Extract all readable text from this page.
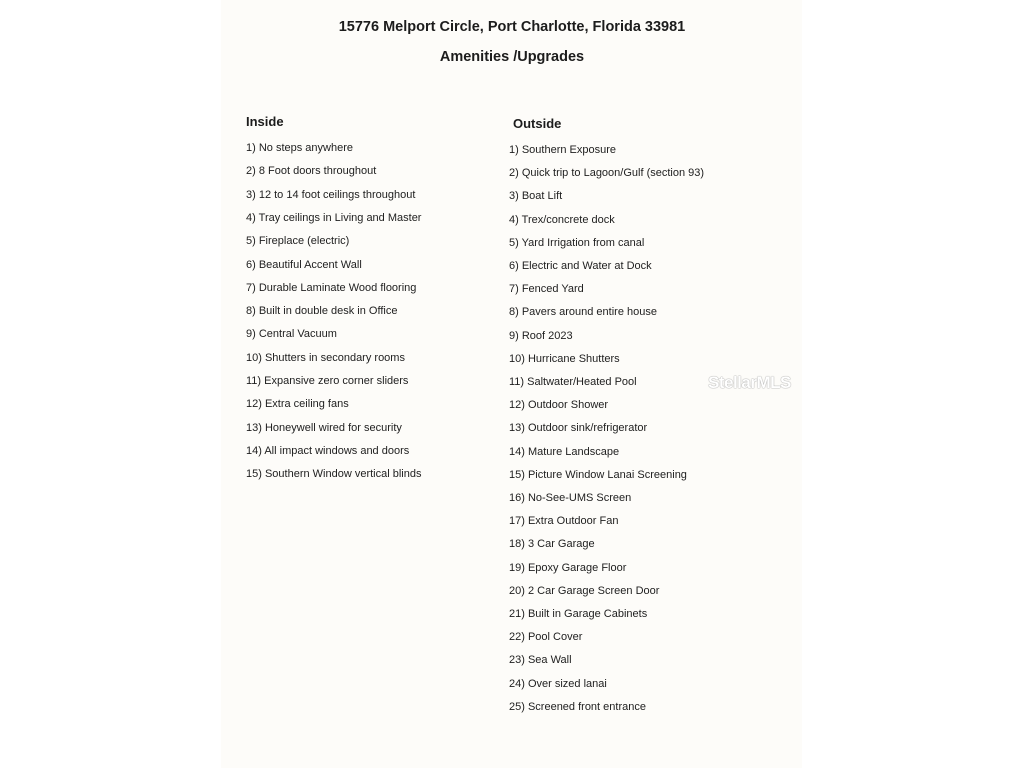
15776 Melport Circle, Port Charlotte, Florida 33981
Amenities /Upgrades
Inside
1) No steps anywhere
2) 8 Foot doors throughout
3) 12 to 14 foot ceilings throughout
4) Tray ceilings in Living and Master
5) Fireplace (electric)
6) Beautiful Accent Wall
7) Durable Laminate Wood flooring
8) Built in double desk in Office
9) Central Vacuum
10) Shutters in secondary rooms
11) Expansive zero corner sliders
12) Extra ceiling fans
13) Honeywell wired for security
14) All impact windows and doors
15) Southern Window vertical blinds
Outside
1) Southern Exposure
2) Quick trip to Lagoon/Gulf (section 93)
3) Boat Lift
4) Trex/concrete dock
5) Yard Irrigation from canal
6) Electric and Water at Dock
7) Fenced Yard
8) Pavers around entire house
9) Roof 2023
10) Hurricane Shutters
11) Saltwater/Heated Pool
12) Outdoor Shower
13) Outdoor sink/refrigerator
14) Mature Landscape
15) Picture Window Lanai Screening
16) No-See-UMS Screen
17) Extra Outdoor Fan
18) 3 Car Garage
19) Epoxy Garage Floor
20) 2 Car Garage Screen Door
21) Built in Garage Cabinets
22) Pool Cover
23) Sea Wall
24) Over sized lanai
25) Screened front entrance
StellarMLS
